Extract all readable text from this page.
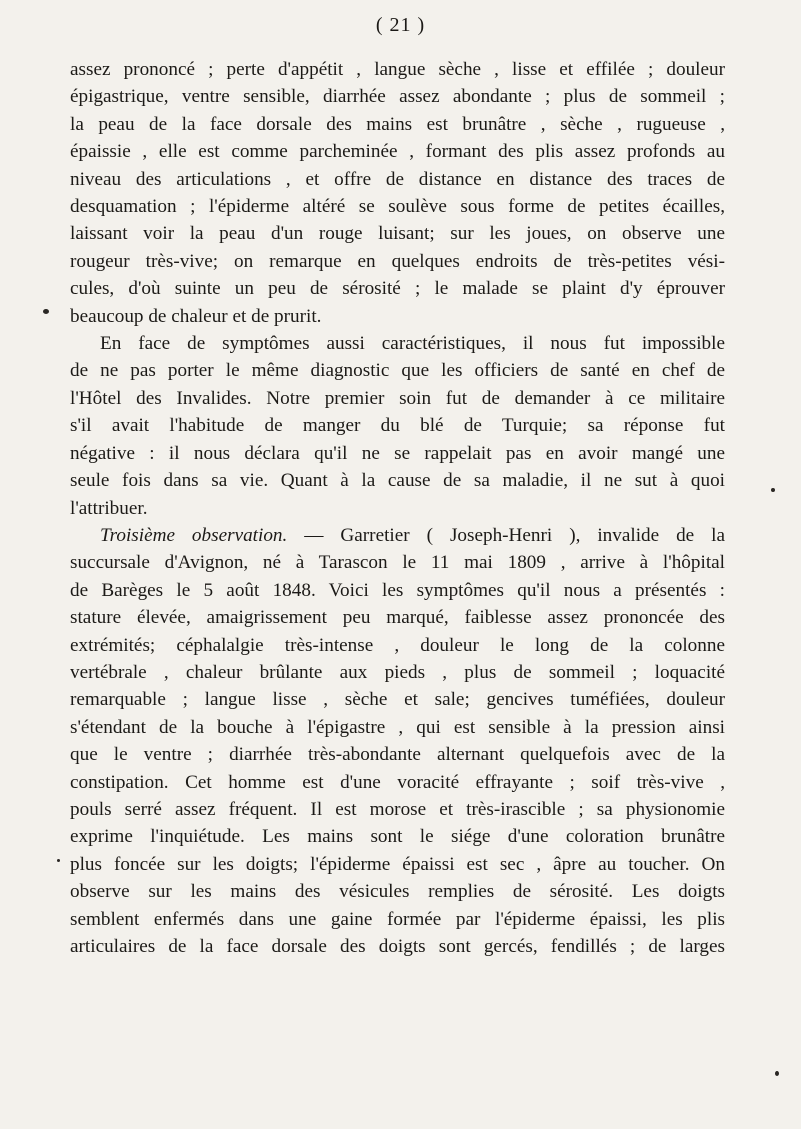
( 21 )
assez prononcé ; perte d'appétit , langue sèche , lisse et effilée ; douleur
épigastrique, ventre sensible, diarrhée assez abondante ; plus de sommeil ;
la peau de la face dorsale des mains est brunâtre , sèche , rugueuse ,
épaissie , elle est comme parcheminée , formant des plis assez profonds au
niveau des articulations , et offre de distance en distance des traces de
desquamation ; l'épiderme altéré se soulève sous forme de petites écailles,
laissant voir la peau d'un rouge luisant; sur les joues, on observe une
rougeur très-vive; on remarque en quelques endroits de très-petites vési-
cules, d'où suinte un peu de sérosité ; le malade se plaint d'y éprouver
beaucoup de chaleur et de prurit.
En face de symptômes aussi caractéristiques, il nous fut impossible
de ne pas porter le même diagnostic que les officiers de santé en chef de
l'Hôtel des Invalides. Notre premier soin fut de demander à ce militaire
s'il avait l'habitude de manger du blé de Turquie; sa réponse fut
négative : il nous déclara qu'il ne se rappelait pas en avoir mangé une
seule fois dans sa vie. Quant à la cause de sa maladie, il ne sut à quoi
l'attribuer.
Troisième observation. — Garretier ( Joseph-Henri ), invalide de la
succursale d'Avignon, né à Tarascon le 11 mai 1809 , arrive à l'hôpital
de Barèges le 5 août 1848. Voici les symptômes qu'il nous a présentés :
stature élevée, amaigrissement peu marqué, faiblesse assez prononcée des
extrémités; céphalalgie très-intense , douleur le long de la colonne
vertébrale , chaleur brûlante aux pieds , plus de sommeil ; loquacité
remarquable ; langue lisse , sèche et sale; gencives tuméfiées, douleur
s'étendant de la bouche à l'épigastre , qui est sensible à la pression ainsi
que le ventre ; diarrhée très-abondante alternant quelquefois avec de la
constipation. Cet homme est d'une voracité effrayante ; soif très-vive ,
pouls serré assez fréquent. Il est morose et très-irascible ; sa physionomie
exprime l'inquiétude. Les mains sont le siége d'une coloration brunâtre
plus foncée sur les doigts; l'épiderme épaissi est sec , âpre au toucher. On
observe sur les mains des vésicules remplies de sérosité. Les doigts
semblent enfermés dans une gaine formée par l'épiderme épaissi, les plis
articulaires de la face dorsale des doigts sont gercés, fendillés ; de larges
